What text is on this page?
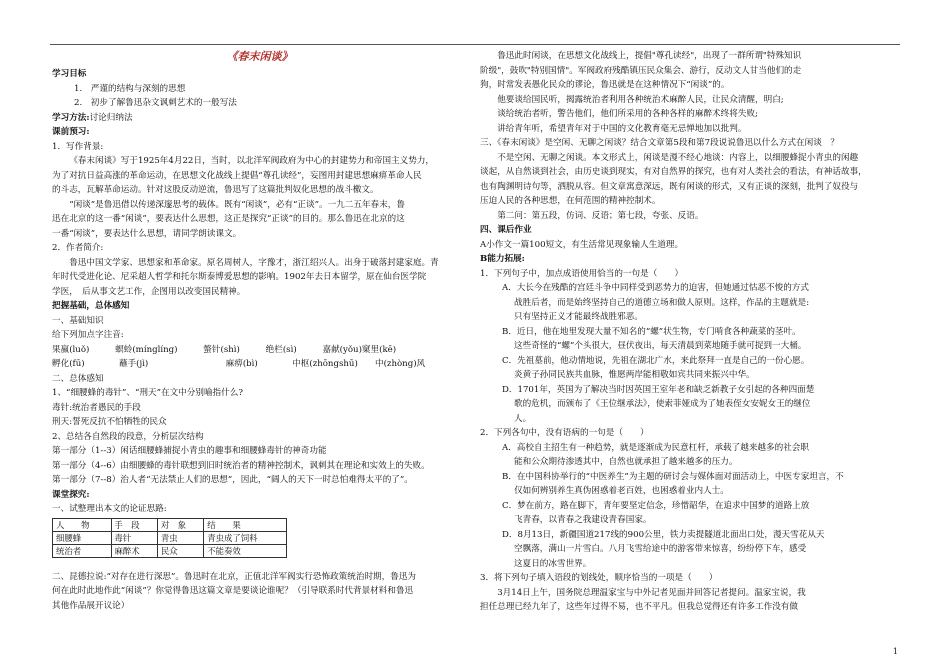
《春末闲谈》
学习目标
1.　严谨的结构与深刻的思想
2.　初步了解鲁迅杂文讽刺艺术的一般写法
学习方法:讨论归纳法
课前预习:
1．写作背景:
《春末闲谈》写于1925年4月22日，当时，以北洋军阀政府为中心的封建势力和帝国主义势力，
为了对抗日益高涨的革命运动，在思想文化战线上提倡“尊孔读经”，妄图用封建思想麻痹革命人民
的斗志，瓦解革命运动。针对这股反动逆流，鲁迅写了这篇批判奴化思想的战斗檄文。
“闲谈”是鲁迅借以传递深邃思考的载体。既有“闲谈”，必有“正谈”。一九二五年春末，鲁
迅在北京的这一番“闲谈”，要表达什么思想，这正是探究“正谈”的目的。那么鲁迅在北京的这
一番“闲谈”，要表达什么思想，请同学朗读课文。
2．作者简介:
鲁迅中国文学家、思想家和革命家。原名周树人，字豫才，浙江绍兴人。出身于破落封建家庭。青
年时代受进化论、尼采超人哲学和托尔斯泰博爱思想的影响。1902年去日本留学，原在仙台医学院
学医，　后从事文艺工作，企图用以改变国民精神。
把握基础，总体感知
一、基础知识
给下列加点字注音:
果嬴(luǒ)　　　螟蛉(mínglíng)　　　螫针(shì)　　　绝栏(sì)　　　嘉献(yǒu)窠里(kē)
孵化(fū)　　　　蘸手(jì)　　　　　　　　　麻痹(bì)　　　　中枢(zhōngshū)　　中(zhòng)风
二、总体感知
1、“细腰蜂的毒针”、“刑天”在文中分别喻指什么?
毒针:统治者愚民的手段
刑天:誓死反抗不怕牺牲的民众
2、总结各自然段的段意，分析层次结构
第一部分（1--3）闲话细腰蜂捕捉小青虫的趣事和细腰蜂毒针的神奇功能
第一部分（4--6）由细腰蜂的毒针联想到旧时统治者的精神控制术，讽刺其在理论和实效上的失败。
第一部分（7--8）治人者“无法禁止人们的思想”，因此，“阔人的天下一时总怕难得太平的了”。
课堂探究:
一、试整理出本文的论证思路:
人　　物	手　段	对　象	结　　果
细腰蜂	毒针	青虫	青虫成了饲料
统治者	麻醉术	民众	不能奏效
二、昆德拉说:“对存在进行深思”。鲁迅时在北京，正值北洋军阀实行恐怖政策统治时期，鲁迅为
何在此时此地作此“闲谈”？你觉得鲁迅这篇文章是要谈论谁呢？（引导联系时代背景材料和鲁迅
其他作品展开议论）
鲁迅此时闲谈，在思想文化战线上，提倡"尊孔读经"，出现了一群所谓"特殊知识
阶级"，鼓吹"特别国情"。军阀政府残酷镇压民众集会、游行，反动文人甘当他们的走
狗，时常发表愚化民众的谬论，鲁迅就是在这种情况下“闲谈”的。
他要谈给国民听，揭露统治者利用各种统治术麻醉人民，让民众清醒，明白;
谈给统治者听，警告他们，他们所采用的各种各样的麻醉术终将失败;
讲给青年听，希望青年对于中国的文化教育毫无忌惮地加以批判。
三、《春末闲谈》是空闲、无聊之闲谈？结合文章第5段和第7段说说鲁迅以什么方式在闲谈　？
不是空闲、无聊之闲谈。本文形式上，闲谈是漫不经心地谈：内容上，以细腰蜂捉小青虫的闲趣
谈起，从自然谈到社会，由历史谈到现实，有对自然界的探究，也有对人类社会的看法，有神话故事，
也有陶渊明诗句等，洒脱从容。但文章寓意深远，既有闲谈的形式，又有正谈的深刻，批判了奴役与
压迫人民的各种思想，在何范围的精神控制术。
第二问：第五段，仿词、反语；第七段，夸张、反语。
四、课后作业
A小作文一篇100短文，有生活常见现象输人生道理。
B能力拓展:
1．下列句子中，加点成语使用恰当的一句是（　　）
A．大长今在残酷的宫廷斗争中同样受到恶势力的迫害，但她通过怙恶不悛的方式
战胜后者，而是始终坚持自己的道德立场和做人原则。这样，作品的主题就是:
只有坚持正义才能最终战胜邪恶。
B．近日，他在地里发现大量不知名的“螺”状生物，专门啃食各种蔬菜的茎叶。
这些奇怪的“螺”个头很大，昼伏夜出，每天清晨到菜地随手就可捉到一大桶。
C．先祖墓前，他动情地说，先祖在湖北广水，来此祭拜一直是自己的一份心愿。
炎黄子孙同民族共血脉，惟愿两岸能相敬如宾共同来振兴中华。
D．1701年，英国为了解决当时因英国王室年老和缺乏新教子女引起的各种四面楚
歌的危机，而颁布了《王位继承法》，使索菲娅成为了她表侄女安妮女王的继位
人。
2．下列各句中，没有语病的一句是（　　）
A．高校自主招生有一种趋势，就是逐渐成为民意杠杆，承载了越来越多的社会职
能和公众期待渗透其中，自然也就承担了越来越多的压力。
B．在中国科协举行的“中医养生”为主题的研讨会与媒体面对面活动上，中医专家坦言，不
仅如何辨别养生真伪困惑着老百姓，也困惑着业内人士。
C．梦在前方，路在脚下，青年要坚定信念，珍惜韶华，在追求中国梦的道路上放
飞青春，以青春之我建设青春国家。
D．8月13日，新疆国道217线的900公里，铁力卖提隧道北面出口处，漫天雪花从天
空飘落，满山一片雪白。八月飞雪给途中的游客带来惊喜，纷纷停下车，感受
这夏日的冰雪世界。
3．将下列句子填入语段的划线处，顺序恰当的一项是（　　）
3月14日上午，国务院总理温家宝与中外记者见面并回答记者提问。温家宝说，我
担任总理已经九年了，这些年过得不易，也不平凡。但我总觉得还有许多工作没有做
1
